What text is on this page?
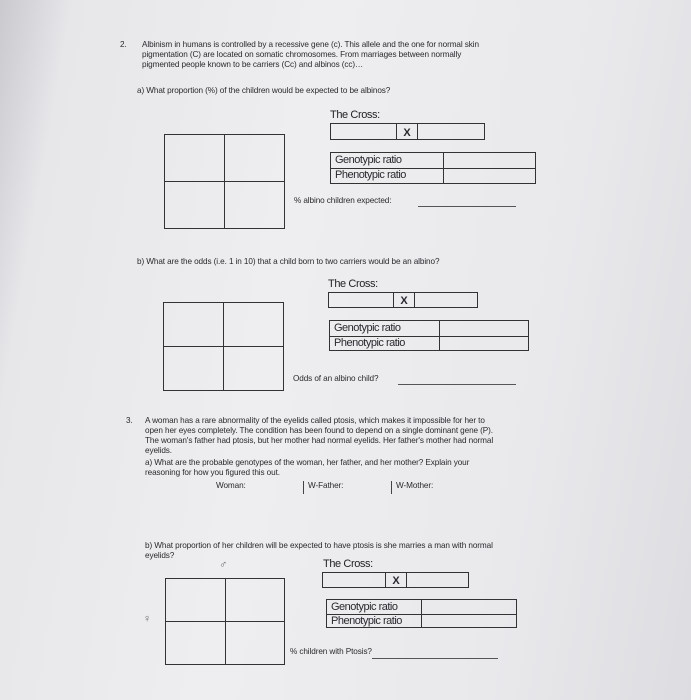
2. Albinism in humans is controlled by a recessive gene (c). This allele and the one for normal skin
pigmentation (C) are located on somatic chromosomes. From marriages between normally
pigmented people known to be carriers (Cc) and albinos (cc)…
a) What proportion (%) of the children would be expected to be albinos?
The Cross:
X
Genotypic ratio
Phenotypic ratio
% albino children expected:
b) What are the odds (i.e. 1 in 10) that a child born to two carriers would be an albino?
The Cross:
X
Genotypic ratio
Phenotypic ratio
Odds of an albino child?
3. A woman has a rare abnormality of the eyelids called ptosis, which makes it impossible for her to
open her eyes completely. The condition has been found to depend on a single dominant gene (P).
The woman's father had ptosis, but her mother had normal eyelids. Her father's mother had normal
eyelids.
a) What are the probable genotypes of the woman, her father, and her mother? Explain your
reasoning for how you figured this out.
Woman:	W-Father:	W-Mother:
b) What proportion of her children will be expected to have ptosis is she marries a man with normal
eyelids?
♂
♀
The Cross:
X
Genotypic ratio
Phenotypic ratio
% children with Ptosis?
